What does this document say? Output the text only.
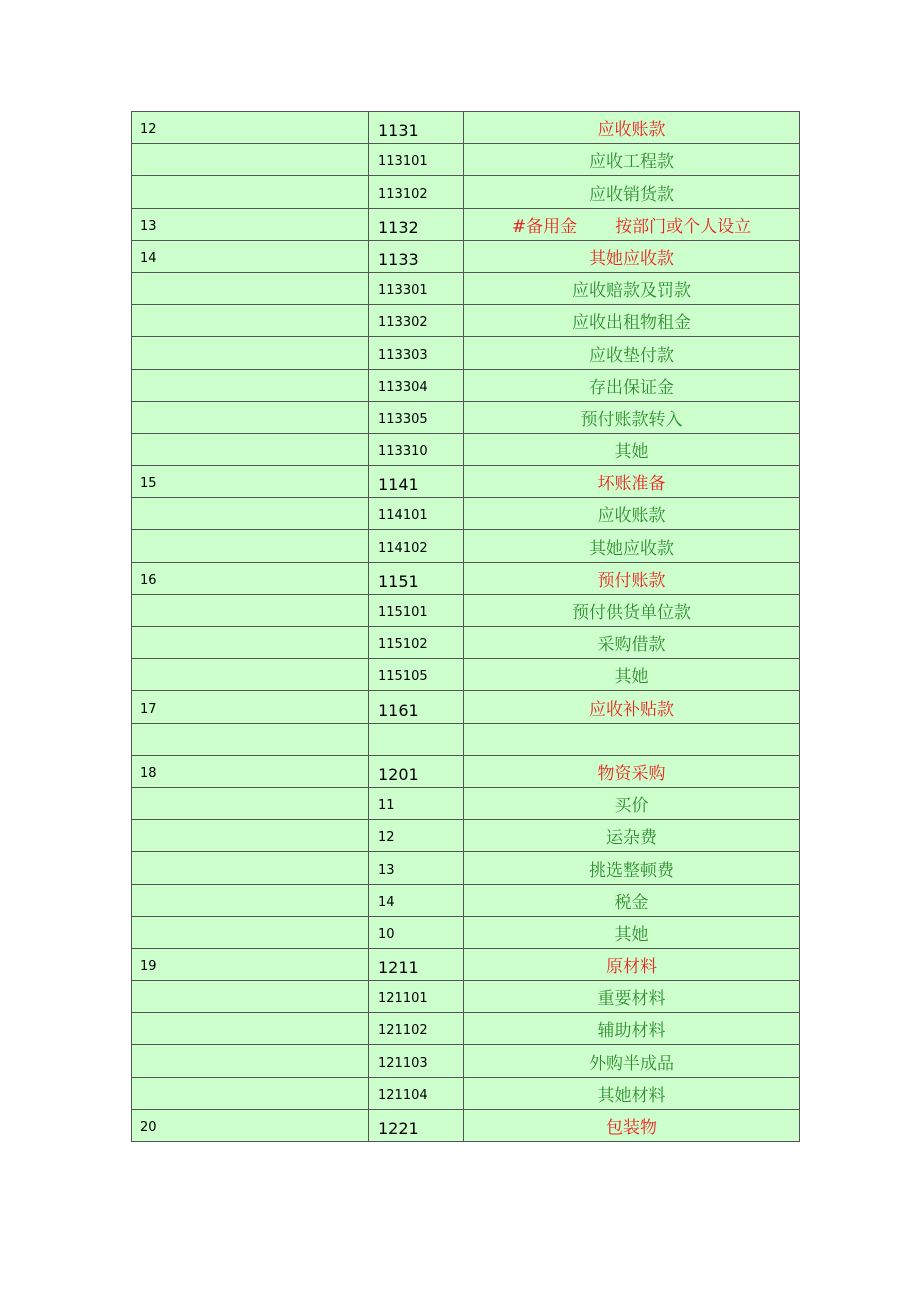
12	1131	应收账款
	113101	应收工程款
	113102	应收销货款
13	1132	#备用金 按部门或个人设立
14	1133	其她应收款
	113301	应收赔款及罚款
	113302	应收出租物租金
	113303	应收垫付款
	113304	存出保证金
	113305	预付账款转入
	113310	其她
15	1141	坏账准备
	114101	应收账款
	114102	其她应收款
16	1151	预付账款
	115101	预付供货单位款
	115102	采购借款
	115105	其她
17	1161	应收补贴款

18	1201	物资采购
	11	买价
	12	运杂费
	13	挑选整顿费
	14	税金
	10	其她
19	1211	原材料
	121101	重要材料
	121102	辅助材料
	121103	外购半成品
	121104	其她材料
20	1221	包装物
